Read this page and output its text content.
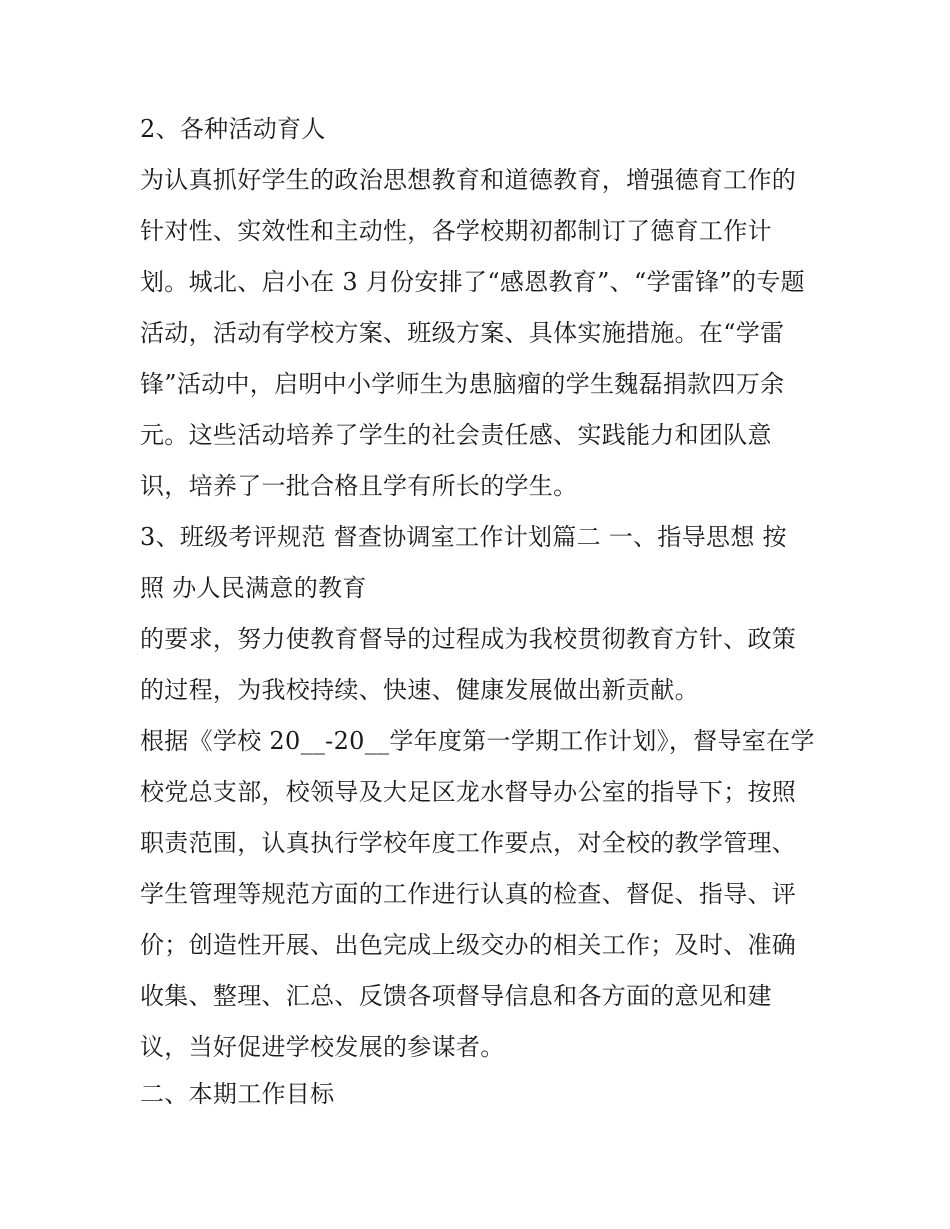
2、各种活动育人
为认真抓好学生的政治思想教育和道德教育，增强德育工作的
针对性、实效性和主动性，各学校期初都制订了德育工作计
划。城北、启小在 3 月份安排了“感恩教育”、“学雷锋”的专题
活动，活动有学校方案、班级方案、具体实施措施。在“学雷
锋”活动中，启明中小学师生为患脑瘤的学生魏磊捐款四万余
元。这些活动培养了学生的社会责任感、实践能力和团队意
识，培养了一批合格且学有所长的学生。
3、班级考评规范 督查协调室工作计划篇二 一、指导思想 按
照 办人民满意的教育
的要求，努力使教育督导的过程成为我校贯彻教育方针、政策
的过程，为我校持续、快速、健康发展做出新贡献。
根据《学校 20__-20__学年度第一学期工作计划》，督导室在学
校党总支部，校领导及大足区龙水督导办公室的指导下；按照
职责范围，认真执行学校年度工作要点，对全校的教学管理、
学生管理等规范方面的工作进行认真的检查、督促、指导、评
价；创造性开展、出色完成上级交办的相关工作；及时、准确
收集、整理、汇总、反馈各项督导信息和各方面的意见和建
议，当好促进学校发展的参谋者。
二、本期工作目标
